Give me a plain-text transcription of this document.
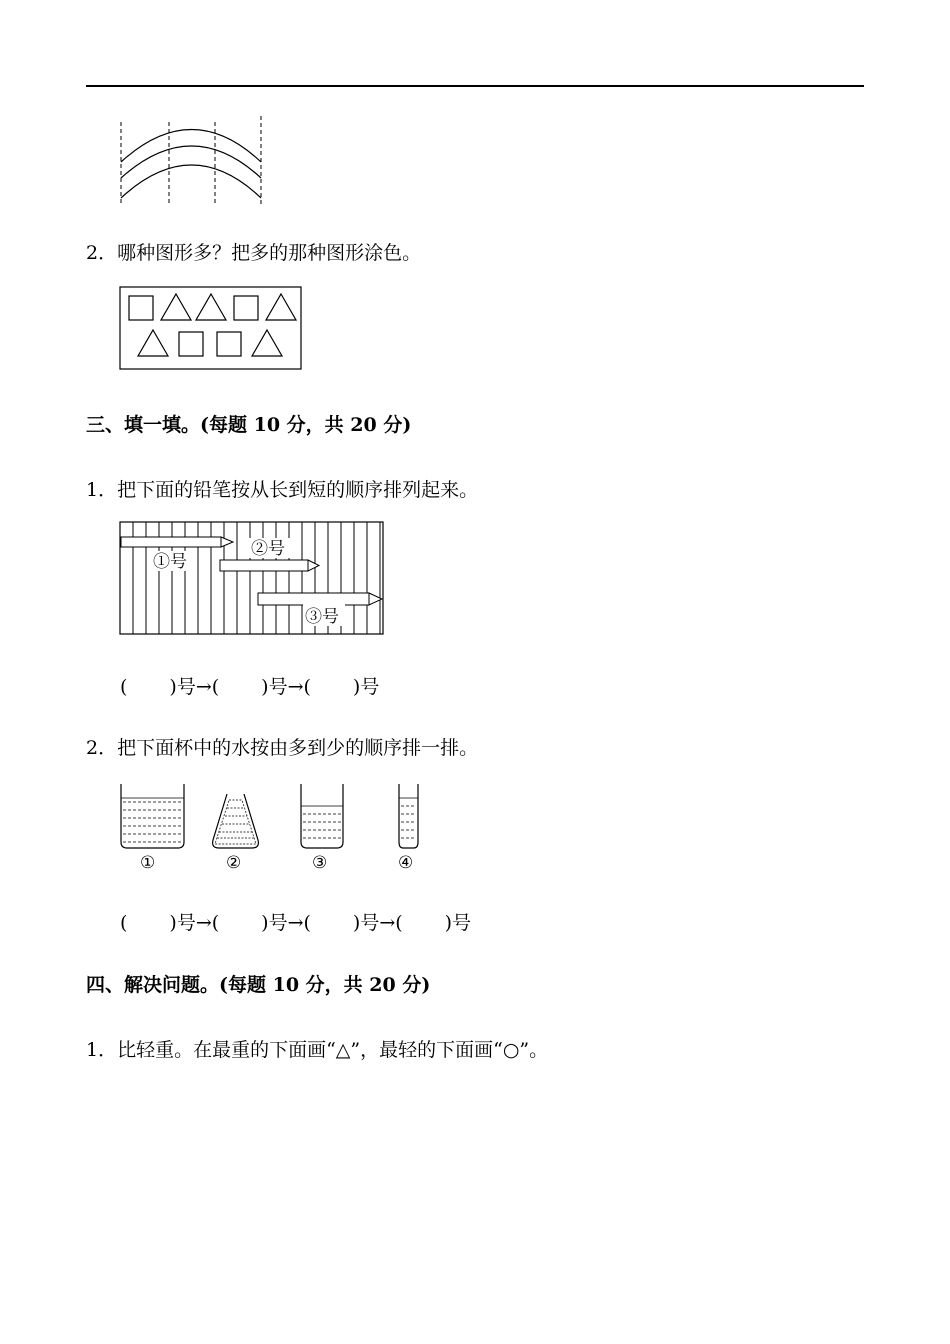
2．哪种图形多？把多的那种图形涂色。
三、填一填。(每题 10 分，共 20 分)
1．把下面的铅笔按从长到短的顺序排列起来。
①号
②号
③号
( )号→( )号→( )号
2．把下面杯中的水按由多到少的顺序排一排。
①	②	③	④
( )号→( )号→( )号→( )号
四、解决问题。(每题 10 分，共 20 分)
1．比轻重。在最重的下面画“△”，最轻的下面画“○”。
